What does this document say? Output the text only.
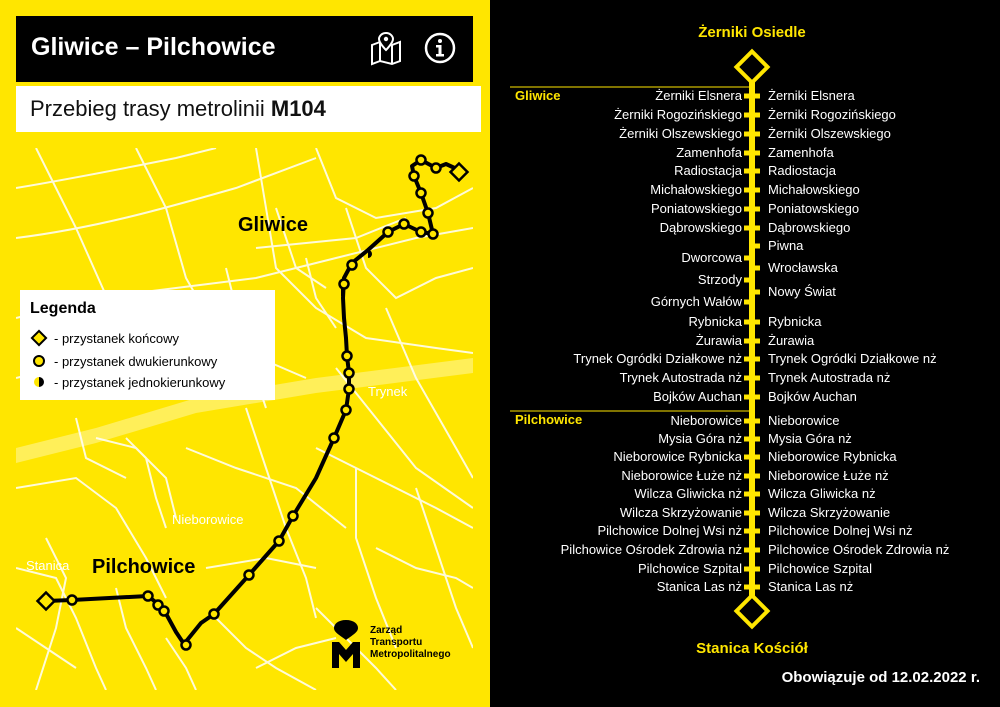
Gliwice – Pilchowice
Przebieg trasy metrolinii M104
Gliwice
Pilchowice
Trynek
Nieborowice
Stanica
Zarząd
Transportu
Metropolitalnego
Legenda
- przystanek końcowy
- przystanek dwukierunkowy
- przystanek jednokierunkowy
Żerniki Osiedle
Stanica Kościół
Gliwice
Pilchowice
Żerniki Elsnera
Żerniki Rogozińskiego
Żerniki Olszewskiego
Zamenhofa
Radiostacja
Michałowskiego
Poniatowskiego
Dąbrowskiego
Dworcowa
Strzody
Górnych Wałów
Rybnicka
Żurawia
Trynek Ogródki Działkowe nż
Trynek Autostrada nż
Bojków Auchan
Nieborowice
Mysia Góra nż
Nieborowice Rybnicka
Nieborowice Łuże nż
Wilcza Gliwicka nż
Wilcza Skrzyżowanie
Pilchowice Dolnej Wsi nż
Pilchowice Ośrodek Zdrowia nż
Pilchowice Szpital
Stanica Las nż
Żerniki Elsnera
Żerniki Rogozińskiego
Żerniki Olszewskiego
Zamenhofa
Radiostacja
Michałowskiego
Poniatowskiego
Dąbrowskiego
Piwna
Wrocławska
Nowy Świat
Rybnicka
Żurawia
Trynek Ogródki Działkowe nż
Trynek Autostrada nż
Bojków Auchan
Nieborowice
Mysia Góra nż
Nieborowice Rybnicka
Nieborowice Łuże nż
Wilcza Gliwicka nż
Wilcza Skrzyżowanie
Pilchowice Dolnej Wsi nż
Pilchowice Ośrodek Zdrowia nż
Pilchowice Szpital
Stanica Las nż
Obowiązuje od 12.02.2022 r.
